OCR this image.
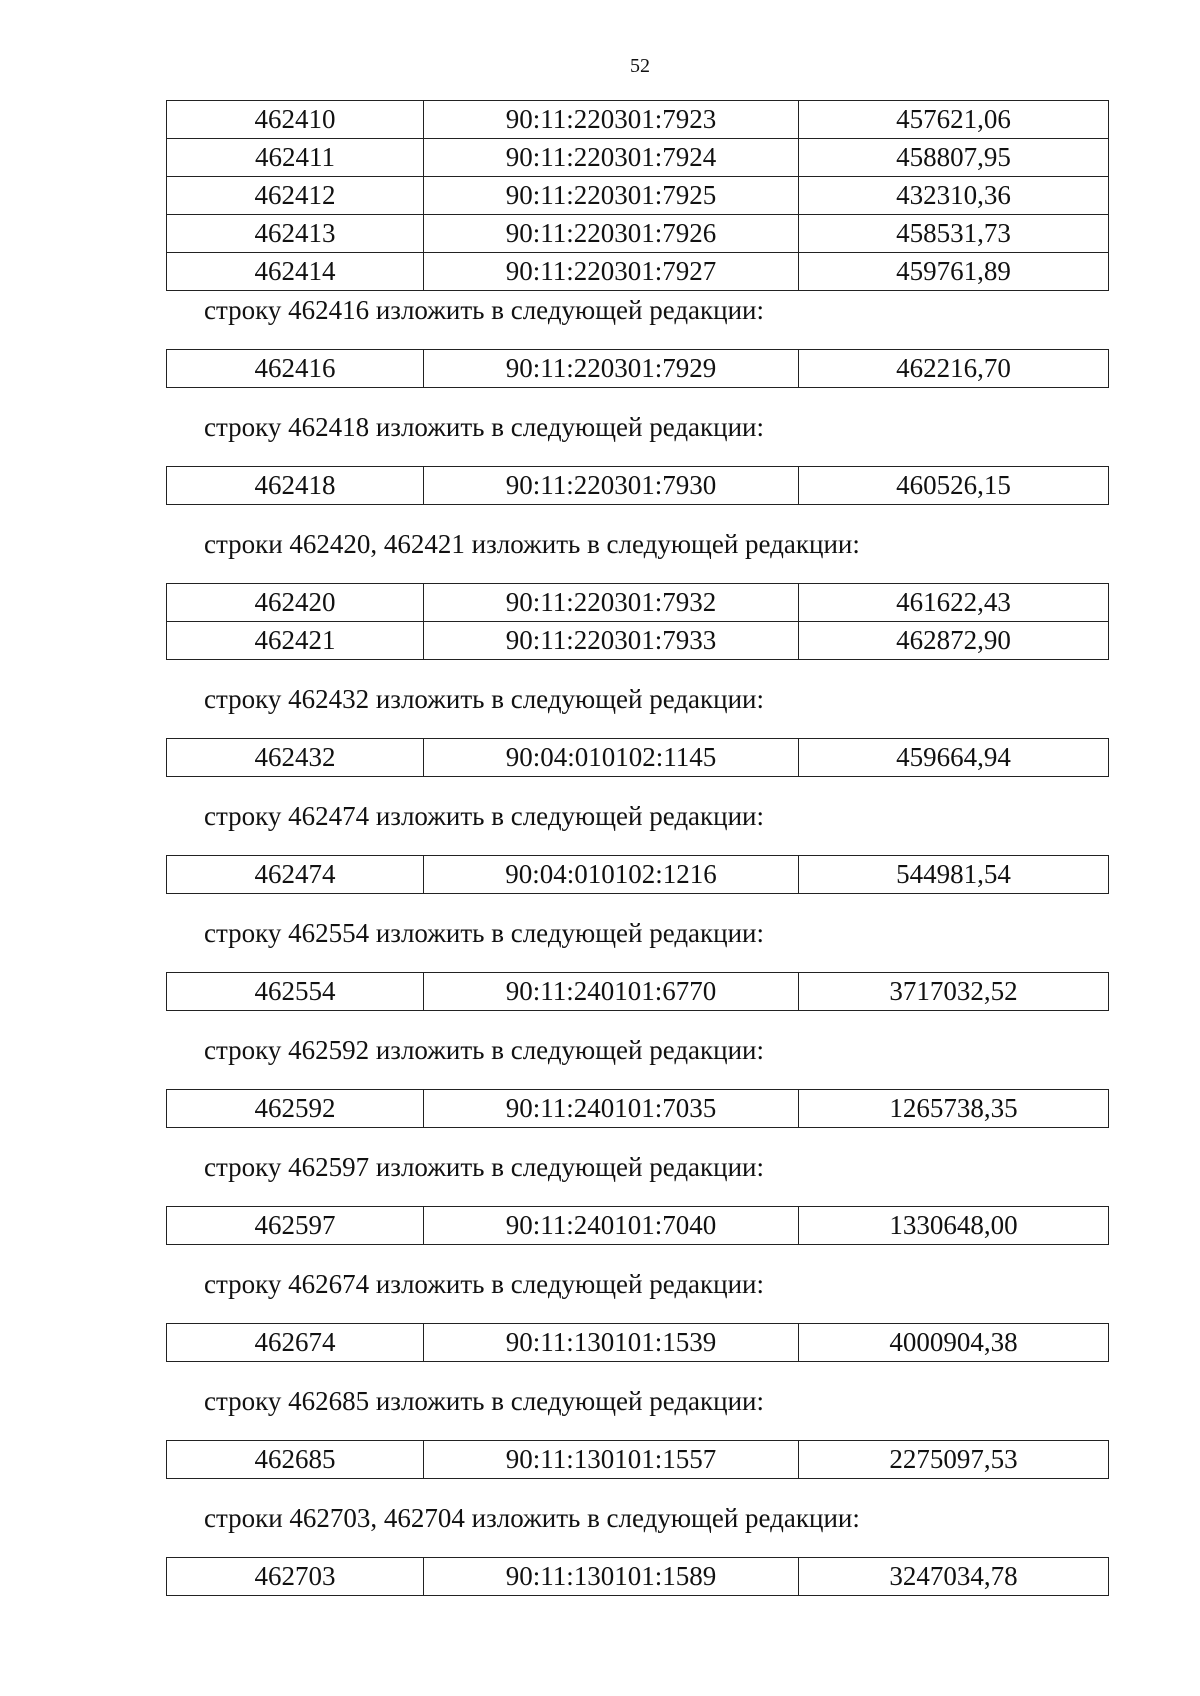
52
462410	90:11:220301:7923	457621,06
462411	90:11:220301:7924	458807,95
462412	90:11:220301:7925	432310,36
462413	90:11:220301:7926	458531,73
462414	90:11:220301:7927	459761,89
строку 462416 изложить в следующей редакции:
462416	90:11:220301:7929	462216,70
строку 462418 изложить в следующей редакции:
462418	90:11:220301:7930	460526,15
строки 462420, 462421 изложить в следующей редакции:
462420	90:11:220301:7932	461622,43
462421	90:11:220301:7933	462872,90
строку 462432 изложить в следующей редакции:
462432	90:04:010102:1145	459664,94
строку 462474 изложить в следующей редакции:
462474	90:04:010102:1216	544981,54
строку 462554 изложить в следующей редакции:
462554	90:11:240101:6770	3717032,52
строку 462592 изложить в следующей редакции:
462592	90:11:240101:7035	1265738,35
строку 462597 изложить в следующей редакции:
462597	90:11:240101:7040	1330648,00
строку 462674 изложить в следующей редакции:
462674	90:11:130101:1539	4000904,38
строку 462685 изложить в следующей редакции:
462685	90:11:130101:1557	2275097,53
строки 462703, 462704 изложить в следующей редакции:
462703	90:11:130101:1589	3247034,78
